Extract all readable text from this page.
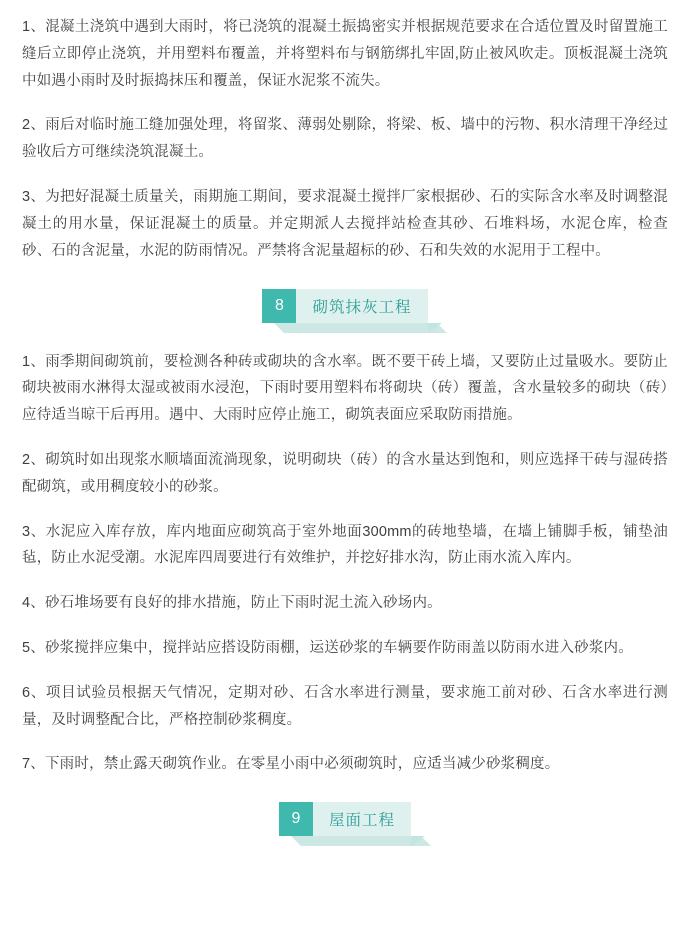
1、混凝土浇筑中遇到大雨时，将已浇筑的混凝土振捣密实并根据规范要求在合适位置及时留置施工缝后立即停止浇筑，并用塑料布覆盖，并将塑料布与钢筋绑扎牢固,防止被风吹走。顶板混凝土浇筑中如遇小雨时及时振捣抹压和覆盖，保证水泥浆不流失。

2、雨后对临时施工缝加强处理，将留浆、薄弱处剔除，将梁、板、墙中的污物、积水清理干净经过验收后方可继续浇筑混凝土。

3、为把好混凝土质量关，雨期施工期间，要求混凝土搅拌厂家根据砂、石的实际含水率及时调整混凝土的用水量，保证混凝土的质量。并定期派人去搅拌站检查其砂、石堆料场，水泥仓库，检查砂、石的含泥量，水泥的防雨情况。严禁将含泥量超标的砂、石和失效的水泥用于工程中。

8	砌筑抹灰工程

1、雨季期间砌筑前，要检测各种砖或砌块的含水率。既不要干砖上墙，又要防止过量吸水。要防止砌块被雨水淋得太湿或被雨水浸泡，下雨时要用塑料布将砌块（砖）覆盖，含水量较多的砌块（砖）应待适当晾干后再用。遇中、大雨时应停止施工，砌筑表面应采取防雨措施。

2、砌筑时如出现浆水顺墙面流淌现象，说明砌块（砖）的含水量达到饱和，则应选择干砖与湿砖搭配砌筑，或用稠度较小的砂浆。

3、水泥应入库存放，库内地面应砌筑高于室外地面300mm的砖地垫墙，在墙上铺脚手板，铺垫油毡，防止水泥受潮。水泥库四周要进行有效维护，并挖好排水沟，防止雨水流入库内。

4、砂石堆场要有良好的排水措施，防止下雨时泥土流入砂场内。

5、砂浆搅拌应集中，搅拌站应搭设防雨棚，运送砂浆的车辆要作防雨盖以防雨水进入砂浆内。

6、项目试验员根据天气情况，定期对砂、石含水率进行测量，要求施工前对砂、石含水率进行测量，及时调整配合比，严格控制砂浆稠度。

7、下雨时，禁止露天砌筑作业。在零星小雨中必须砌筑时，应适当减少砂浆稠度。

9	屋面工程
